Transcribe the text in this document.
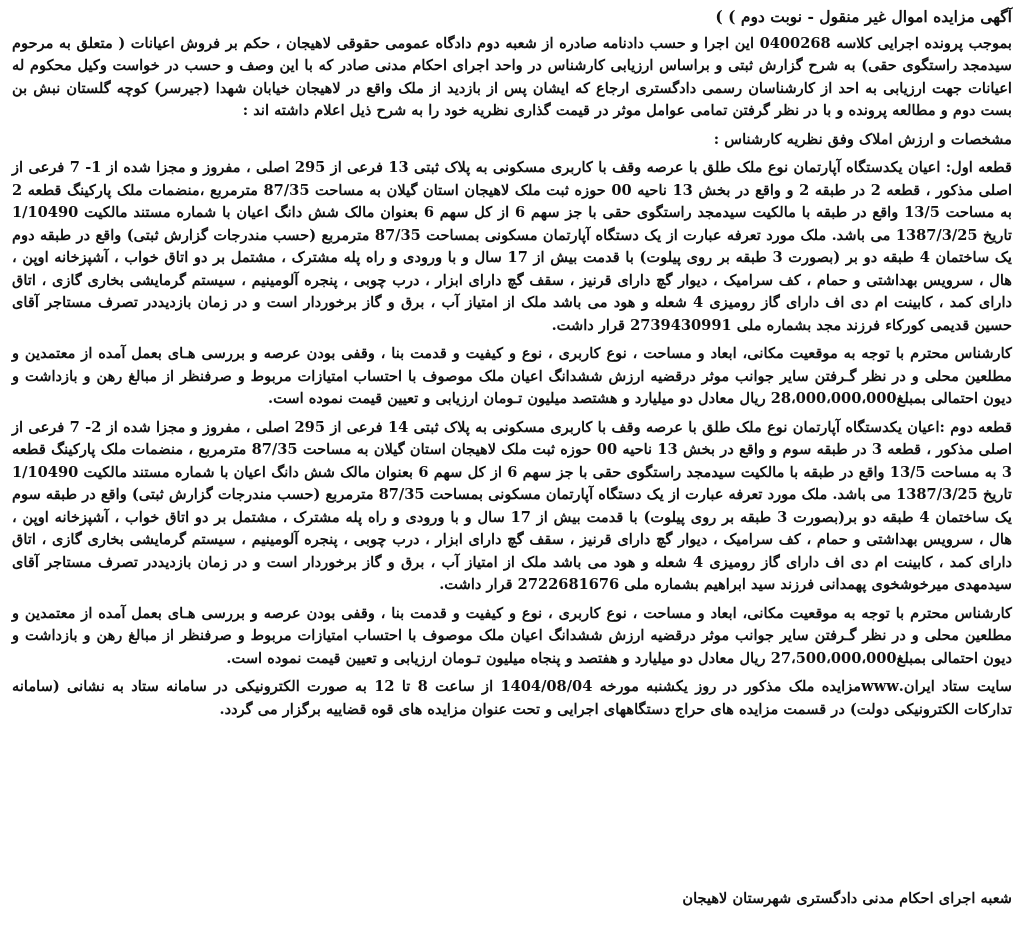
آگهی مزایده اموال غیر منقول - نوبت دوم ) )

بموجب پرونده اجرایی کلاسه 0400268 این اجرا و حسب دادنامه صادره از شعبه دوم دادگاه عمومی حقوقی لاهیجان ، حکم بر فروش اعیانات ( متعلق به مرحوم سیدمجد راستگوی حقی) به شرح گزارش ثبتی و براساس ارزیابی کارشناس در واحد اجرای احکام مدنی صادر که با این وصف و حسب در خواست وکیل محکوم له اعیانات جهت ارزیابی به احد از کارشناسان رسمی دادگستری ارجاع که ایشان پس از بازدید از ملک واقع در لاهیجان خیابان شهدا (جیرسر) کوچه گلستان نبش بن بست دوم و مطالعه پرونده و با در نظر گرفتن تمامی عوامل موثر در قیمت گذاری نظریه خود را به شرح ذیل اعلام داشته اند :

مشخصات و ارزش املاک وفق نظریه کارشناس :

قطعه اول: اعیان یکدستگاه آپارتمان نوع ملک طلق با عرصه وقف با کاربری مسکونی به پلاک ثبتی 13 فرعی از 295 اصلی ، مفروز و مجزا شده از 1- 7 فرعی از اصلی مذکور ، قطعه 2 در طبقه 2 و واقع در بخش 13 ناحیه 00 حوزه ثبت ملک لاهیجان استان گیلان به مساحت 87/35 مترمربع ،منضمات ملک پارکینگ قطعه 2 به مساحت 13/5 واقع در طبقه با مالکیت سیدمجد راستگوی حقی با جز سهم 6 از کل سهم 6 بعنوان مالک شش دانگ اعیان با شماره مستند مالکیت 1/10490 تاریخ 1387/3/25 می باشد. ملک مورد تعرفه عبارت از یک دستگاه آپارتمان مسکونی بمساحت 87/35 مترمربع (حسب مندرجات گزارش ثبتی) واقع در طبقه دوم یک ساختمان 4 طبقه دو بر (بصورت 3 طبقه بر روی پیلوت) با قدمت بیش از 17 سال و با ورودی و راه پله مشترک ، مشتمل بر دو اتاق خواب ، آشپزخانه اوپن ، هال ، سرویس بهداشتی و حمام ، کف سرامیک ، دیوار گچ دارای قرنیز ، سقف گچ دارای ابزار ، درب چوبی ، پنجره آلومینیم ، سیستم گرمایشی بخاری گازی ، اتاق دارای کمد ، کابینت ام دی اف دارای گاز رومیزی 4 شعله و هود می باشد ملک از امتیاز آب ، برق و گاز برخوردار است و در زمان بازدیددر تصرف مستاجر آقای حسین قدیمی کورکاء فرزند مجد بشماره ملی 2739430991 قرار داشت.

کارشناس محترم با توجه به موقعیت مکانی، ابعاد و مساحت ، نوع کاربری ، نوع و کیفیت و قدمت بنا ، وقفی بودن عرصه و بررسی هـای بعمل آمده از معتمدین و مطلعین محلی و در نظر گـرفتن سایر جوانب موثر درقضیه ارزش ششدانگ اعیان ملک موصوف با احتساب امتیازات مربوط و صرفنظر از مبالغ رهن و بازداشت و دیون احتمالی بمبلغ28،000،000،000 ریال معادل دو میلیارد و هشتصد میلیون تـومان ارزیابی و تعیین قیمت نموده است.

قطعه دوم :اعیان یکدستگاه آپارتمان نوع ملک طلق با عرصه وقف با کاربری مسکونی به پلاک ثبتی 14 فرعی از 295 اصلی ، مفروز و مجزا شده از 2- 7 فرعی از اصلی مذکور ، قطعه 3 در طبقه سوم و واقع در بخش 13 ناحیه 00 حوزه ثبت ملک لاهیجان استان گیلان به مساحت 87/35 مترمربع ، منضمات ملک پارکینگ قطعه 3 به مساحت 13/5 واقع در طبقه با مالکیت سیدمجد راستگوی حقی با جز سهم 6 از کل سهم 6 بعنوان مالک شش دانگ اعیان با شماره مستند مالکیت 1/10490 تاریخ 1387/3/25 می باشد. ملک مورد تعرفه عبارت از یک دستگاه آپارتمان مسکونی بمساحت 87/35 مترمربع (حسب مندرجات گزارش ثبتی) واقع در طبقه سوم یک ساختمان 4 طبقه دو بر(بصورت 3 طبقه بر روی پیلوت) با قدمت بیش از 17 سال و با ورودی و راه پله مشترک ، مشتمل بر دو اتاق خواب ، آشپزخانه اوپن ، هال ، سرویس بهداشتی و حمام ، کف سرامیک ، دیوار گچ دارای قرنیز ، سقف گچ دارای ابزار ، درب چوبی ، پنجره آلومینیم ، سیستم گرمایشی بخاری گازی ، اتاق دارای کمد ، کابینت ام دی اف دارای گاز رومیزی 4 شعله و هود می باشد ملک از امتیاز آب ، برق و گاز برخوردار است و در زمان بازدیددر تصرف مستاجر آقای سیدمهدی میرخوشخوی پهمدانی فرزند سید ابراهیم بشماره ملی 2722681676 قرار داشت.

کارشناس محترم با توجه به موقعیت مکانی، ابعاد و مساحت ، نوع کاربری ، نوع و کیفیت و قدمت بنا ، وقفی بودن عرصه و بررسی هـای بعمل آمده از معتمدین و مطلعین محلی و در نظر گـرفتن سایر جوانب موثر درقضیه ارزش ششدانگ اعیان ملک موصوف با احتساب امتیازات مربوط و صرفنظر از مبالغ رهن و بازداشت و دیون احتمالی بمبلغ27،500،000،000 ریال معادل دو میلیارد و هفتصد و پنجاه میلیون تـومان ارزیابی و تعیین قیمت نموده است.

سایت ستاد ایران.wwwمزایده ملک مذکور در روز یکشنبه مورخه 1404/08/04 از ساعت 8 تا 12 به صورت الکترونیکی در سامانه ستاد به نشانی (سامانه تدارکات الکترونیکی دولت) در قسمت مزایده های حراج دستگاههای اجرایی و تحت عنوان مزایده های قوه قضاییه برگزار می گردد.

شعبه اجرای احکام مدنی دادگستری شهرستان لاهیجان
